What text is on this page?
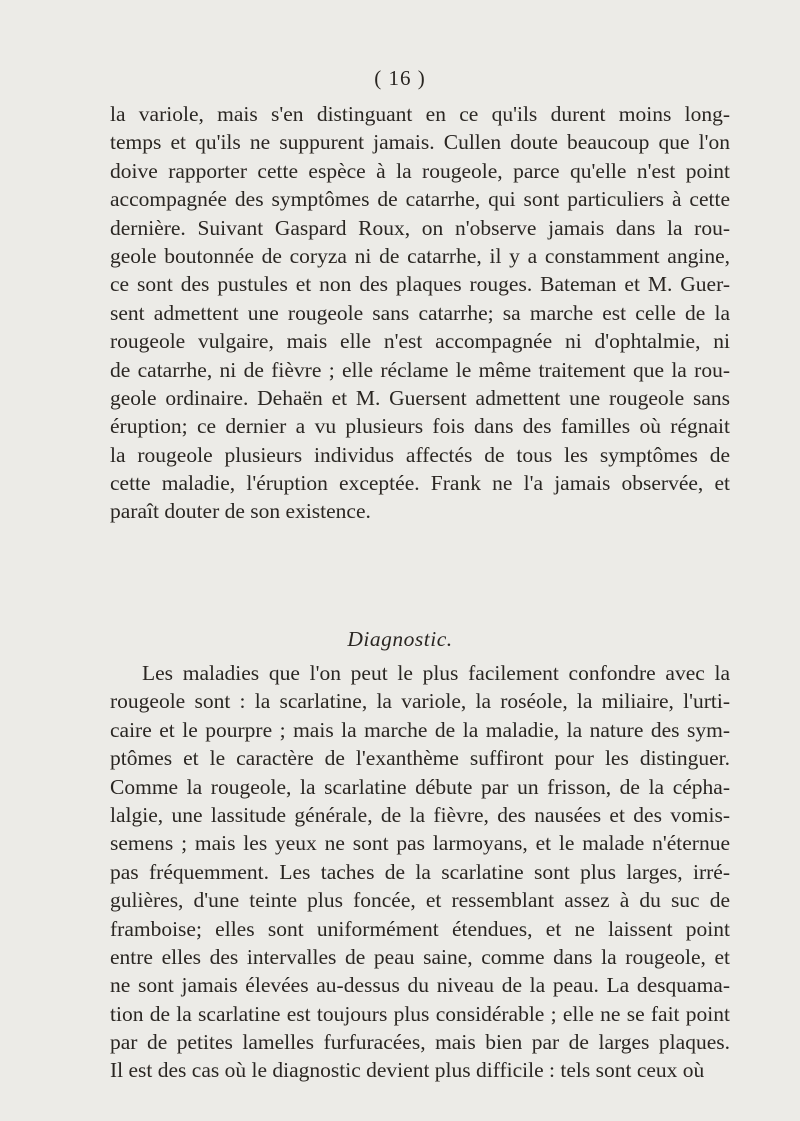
( 16 )
la variole, mais s'en distinguant en ce qu'ils durent moins long-
temps et qu'ils ne suppurent jamais. Cullen doute beaucoup que l'on
doive rapporter cette espèce à la rougeole, parce qu'elle n'est point
accompagnée des symptômes de catarrhe, qui sont particuliers à cette
dernière. Suivant Gaspard Roux, on n'observe jamais dans la rou-
geole boutonnée de coryza ni de catarrhe, il y a constamment angine,
ce sont des pustules et non des plaques rouges. Bateman et M. Guer-
sent admettent une rougeole sans catarrhe; sa marche est celle de la
rougeole vulgaire, mais elle n'est accompagnée ni d'ophtalmie, ni
de catarrhe, ni de fièvre ; elle réclame le même traitement que la rou-
geole ordinaire. Dehaën et M. Guersent admettent une rougeole sans
éruption; ce dernier a vu plusieurs fois dans des familles où régnait
la rougeole plusieurs individus affectés de tous les symptômes de
cette maladie, l'éruption exceptée. Frank ne l'a jamais observée, et
paraît douter de son existence.
Diagnostic.
Les maladies que l'on peut le plus facilement confondre avec la
rougeole sont : la scarlatine, la variole, la roséole, la miliaire, l'urti-
caire et le pourpre ; mais la marche de la maladie, la nature des sym-
ptômes et le caractère de l'exanthème suffiront pour les distinguer.
Comme la rougeole, la scarlatine débute par un frisson, de la cépha-
lalgie, une lassitude générale, de la fièvre, des nausées et des vomis-
semens ; mais les yeux ne sont pas larmoyans, et le malade n'éternue
pas fréquemment. Les taches de la scarlatine sont plus larges, irré-
gulières, d'une teinte plus foncée, et ressemblant assez à du suc de
framboise; elles sont uniformément étendues, et ne laissent point
entre elles des intervalles de peau saine, comme dans la rougeole, et
ne sont jamais élevées au-dessus du niveau de la peau. La desquama-
tion de la scarlatine est toujours plus considérable ; elle ne se fait point
par de petites lamelles furfuracées, mais bien par de larges plaques.
Il est des cas où le diagnostic devient plus difficile : tels sont ceux où
